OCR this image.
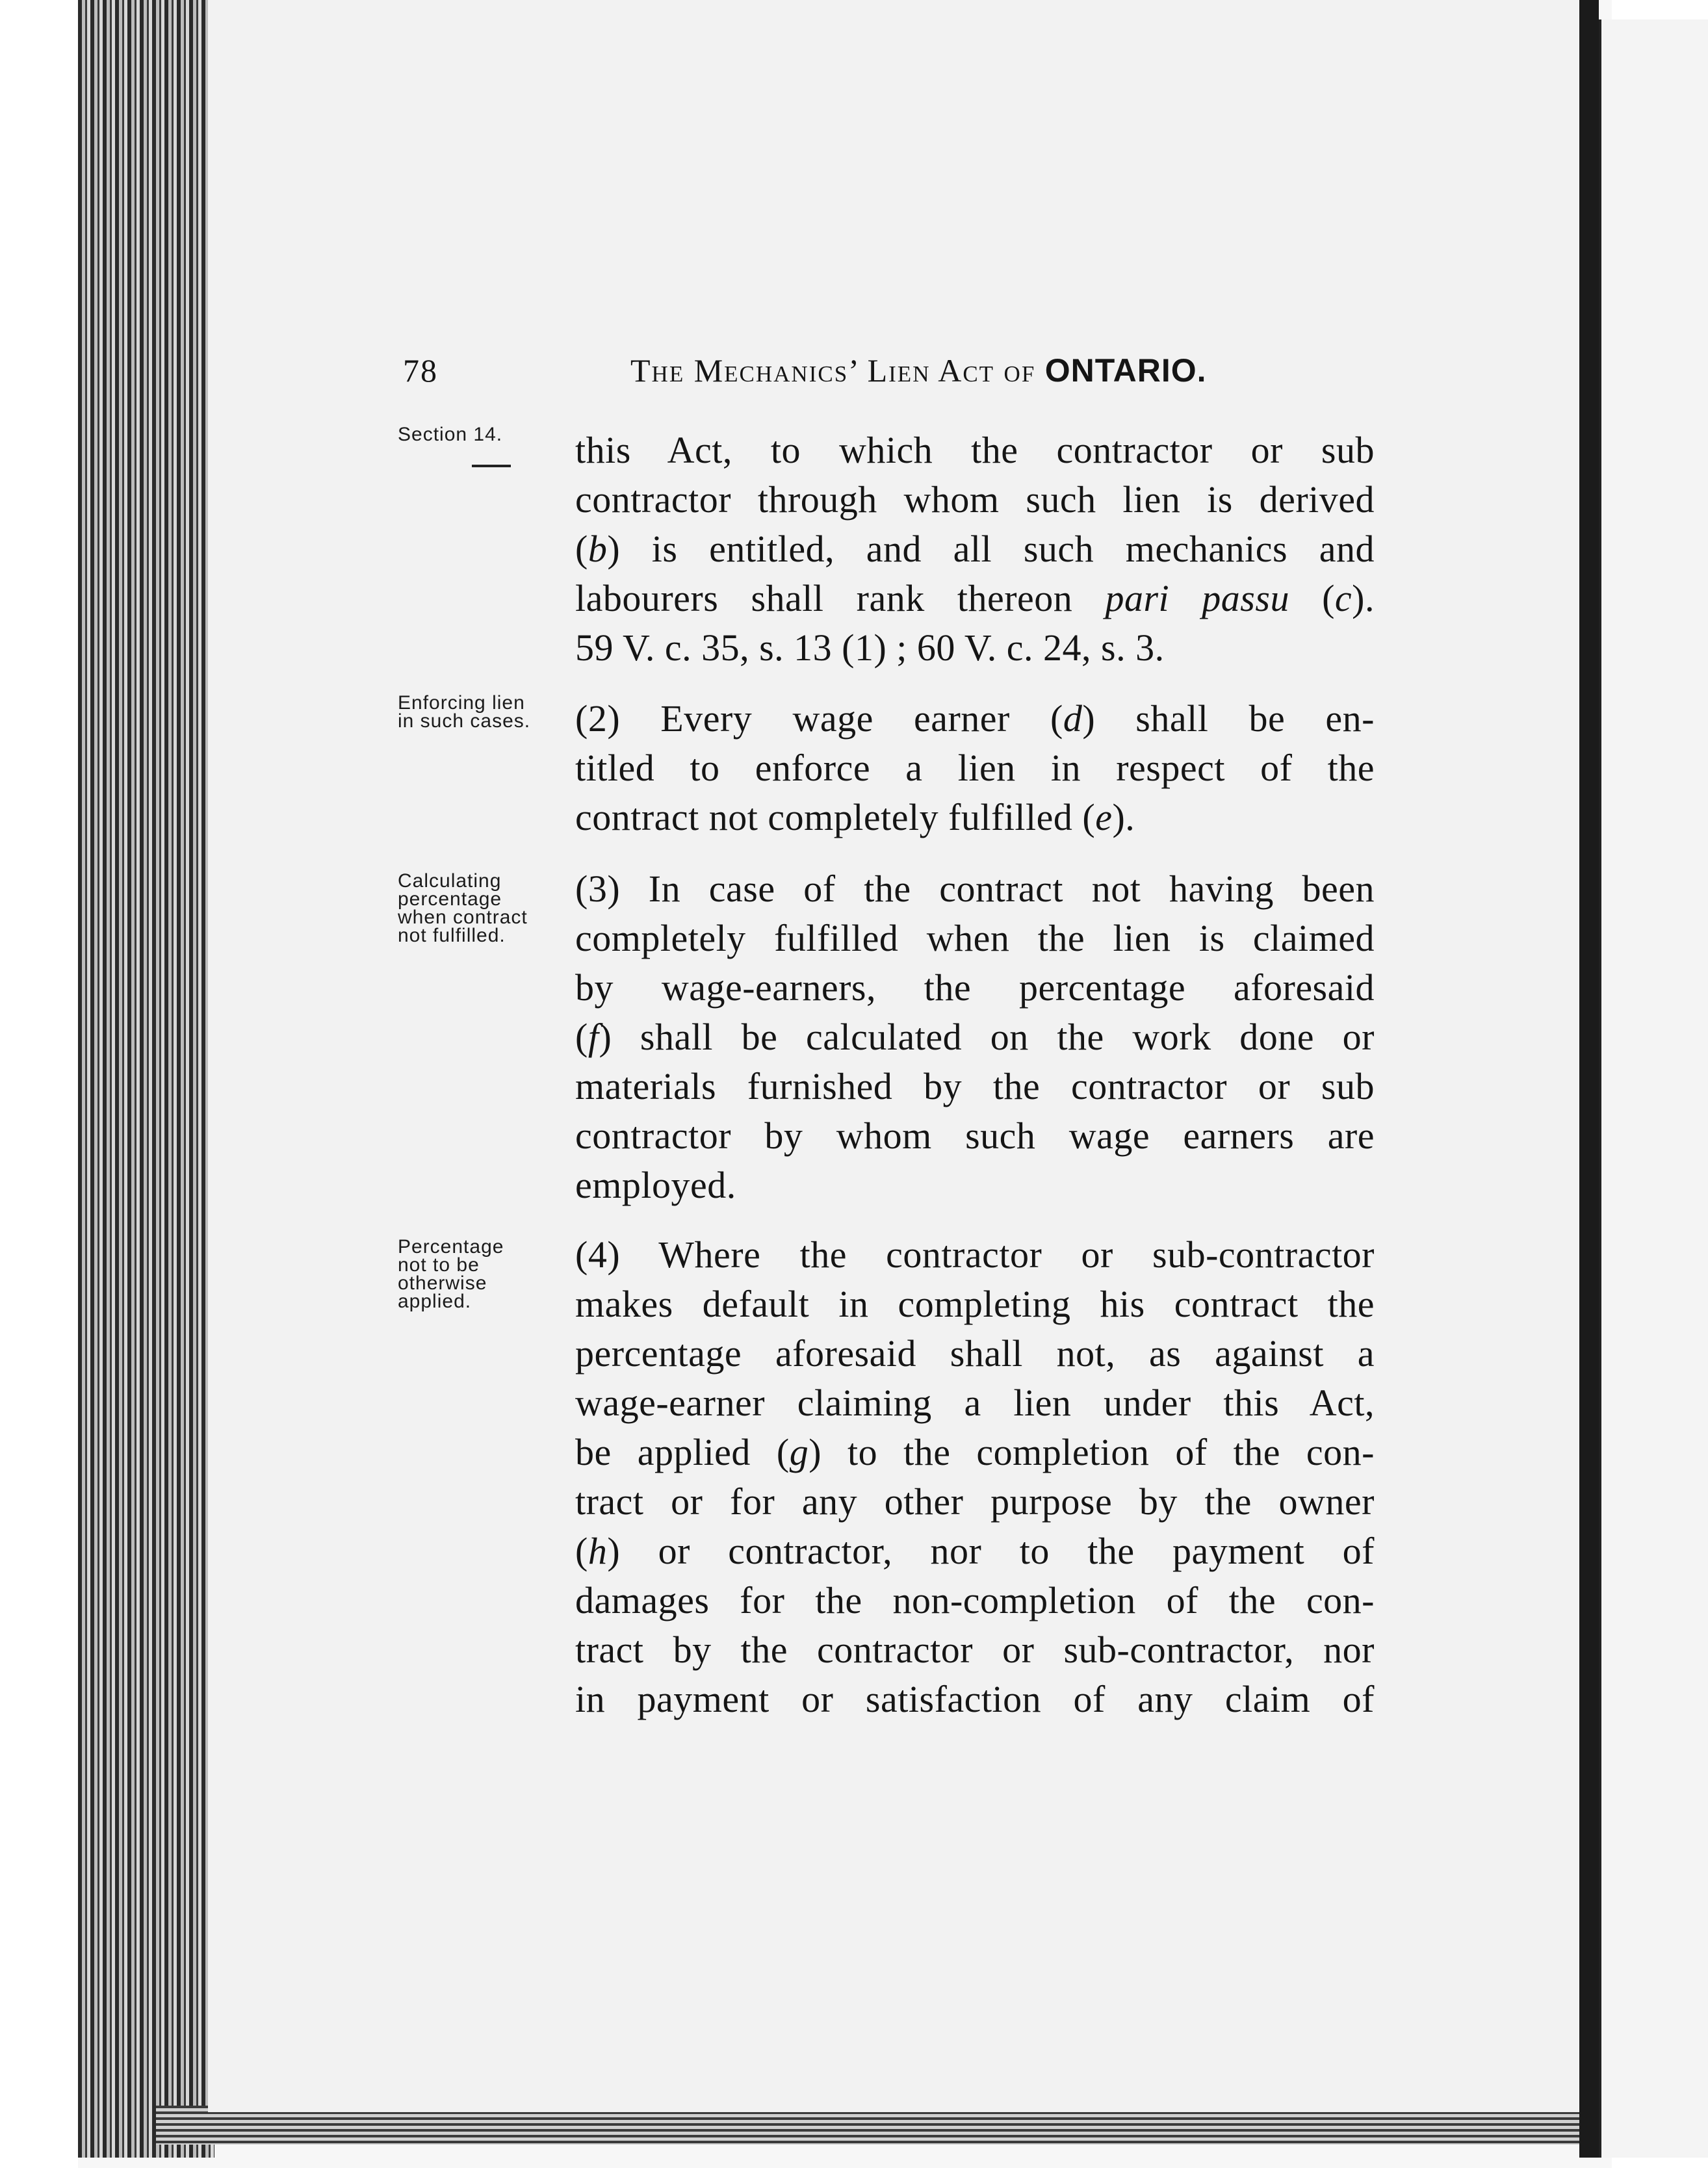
78	The Mechanics’ Lien Act of ONTARIO.
Section 14.
Enforcing lien
in such cases.
Calculating
percentage
when contract
not fulfilled.
Percentage
not to be
otherwise
applied.
this Act, to which the contractor or sub
contractor through whom such lien is derived
(b) is entitled, and all such mechanics and
labourers shall rank thereon pari passu (c).
59 V. c. 35, s. 13 (1) ; 60 V. c. 24, s. 3.
(2) Every wage earner (d) shall be en-
titled to enforce a lien in respect of the
contract not completely fulfilled (e).
(3) In case of the contract not having been
completely fulfilled when the lien is claimed
by wage-earners, the percentage aforesaid
(f) shall be calculated on the work done or
materials furnished by the contractor or sub
contractor by whom such wage earners are
employed.
(4) Where the contractor or sub-contractor
makes default in completing his contract the
percentage aforesaid shall not, as against a
wage-earner claiming a lien under this Act,
be applied (g) to the completion of the con-
tract or for any other purpose by the owner
(h) or contractor, nor to the payment of
damages for the non-completion of the con-
tract by the contractor or sub-contractor, nor
in payment or satisfaction of any claim of
